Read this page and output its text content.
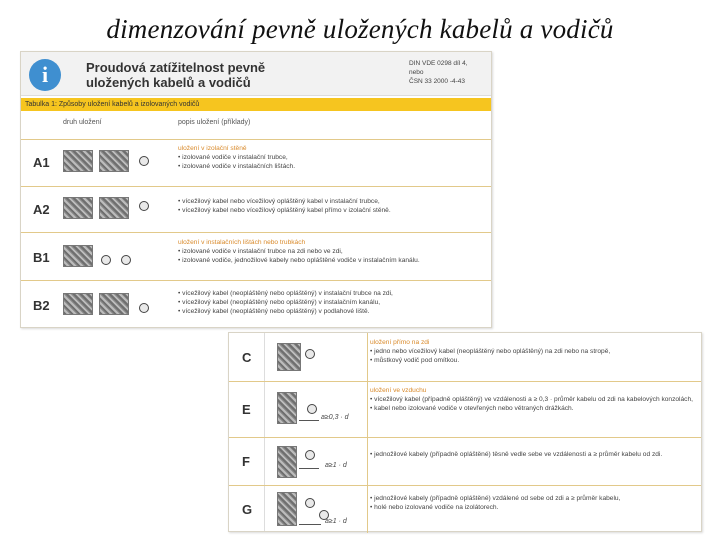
dimenzování pevně uložených kabelů a vodičů
i	Proudová zatížitelnost pevně uložených kabelů a vodičů
DIN VDE 0298 díl 4,
nebo
ČSN 33 2000 -4-43
Tabulka 1: Způsoby uložení kabelů a izolovaných vodičů
druh uložení	popis uložení (příklady)
A1
uložení v izolační stěně
• izolované vodiče v instalační trubce,
• izolované vodiče v instalačních lištách.
A2
• vícežilový kabel nebo vícežilový opláštěný kabel v instalační trubce,
• vícežilový kabel nebo vícežilový opláštěný kabel přímo v izolační stěně.
B1
uložení v instalačních lištách nebo trubkách
• izolované vodiče v instalační trubce na zdi nebo ve zdi,
• izolované vodiče, jednožilové kabely nebo opláštěné vodiče v instalačním kanálu.
B2
• vícežilový kabel (neopláštěný nebo opláštěný) v instalační trubce na zdi,
• vícežilový kabel (neopláštěný nebo opláštěný) v instalačním kanálu,
• vícežilový kabel (neopláštěný nebo opláštěný) v podlahové liště.
C
uložení přímo na zdi
• jedno nebo vícežilový kabel (neopláštěný nebo opláštěný) na zdi nebo na stropě,
• můstkový vodič pod omítkou.
E
a≥0,3 · d
uložení ve vzduchu
• vícežilový kabel (případně opláštěný) ve vzdálenosti a ≥ 0,3 · průměr kabelu od zdi na kabelových konzolách,
• kabel nebo izolované vodiče v otevřených nebo větraných drážkách.
F	a≥1 · d
• jednožilové kabely (případně opláštěné) těsně vedle sebe ve vzdálenosti a ≥ průměr kabelu od zdi.
G
a≥1 · d
• jednožilové kabely (případně opláštěné) vzdálené od sebe od zdi a ≥ průměr kabelu,
• holé nebo izolované vodiče na izolátorech.
